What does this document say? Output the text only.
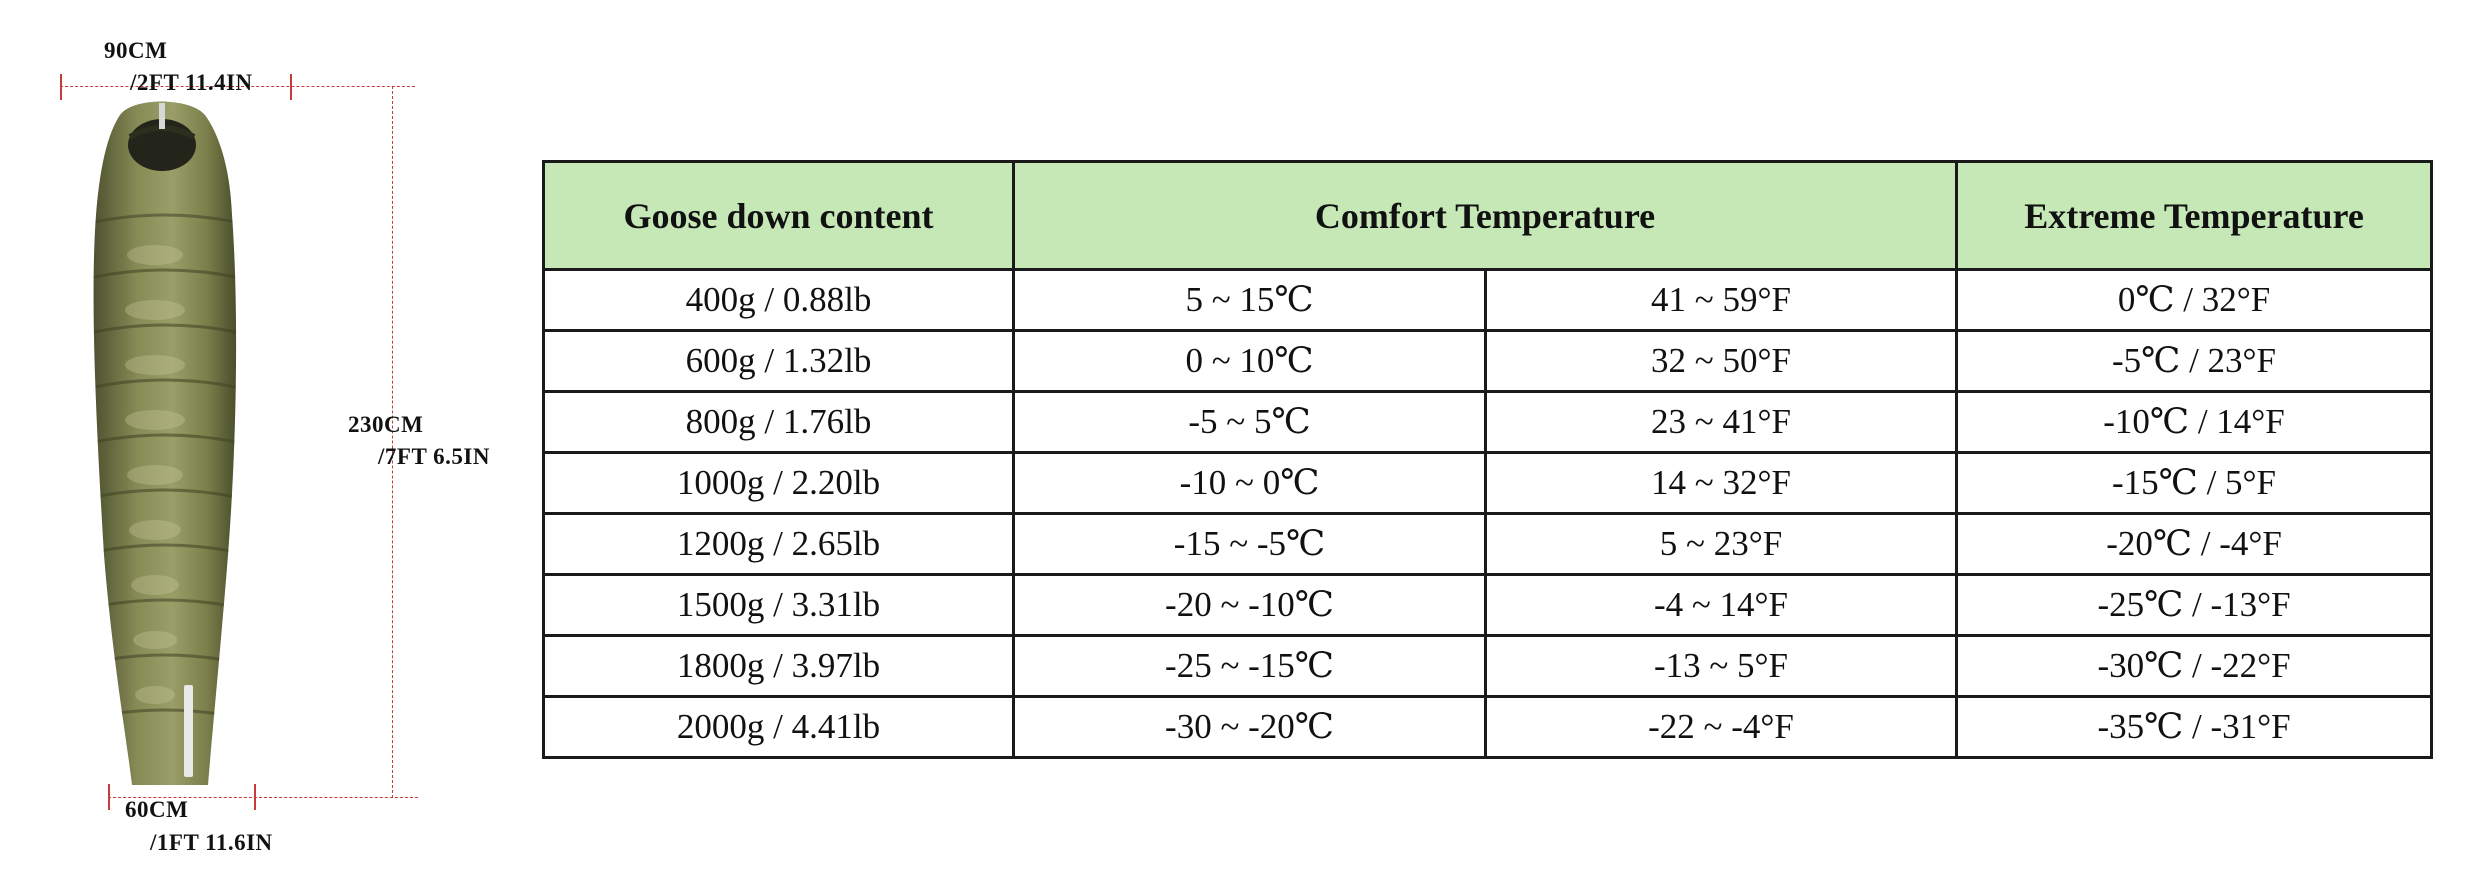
90CM
/2FT 11.4IN
230CM
/7FT 6.5IN
60CM
/1FT 11.6IN
Goose down content	Comfort Temperature		Extreme Temperature
400g / 0.88lb	5 ~ 15℃	41 ~ 59°F	0℃ / 32°F
600g / 1.32lb	0 ~ 10℃	32 ~ 50°F	-5℃ / 23°F
800g / 1.76lb	-5 ~ 5℃	23 ~ 41°F	-10℃ / 14°F
1000g / 2.20lb	-10 ~ 0℃	14 ~ 32°F	-15℃ / 5°F
1200g / 2.65lb	-15 ~ -5℃	5 ~ 23°F	-20℃ / -4°F
1500g / 3.31lb	-20 ~ -10℃	-4 ~ 14°F	-25℃ / -13°F
1800g / 3.97lb	-25 ~ -15℃	-13 ~ 5°F	-30℃ / -22°F
2000g / 4.41lb	-30 ~ -20℃	-22 ~ -4°F	-35℃ / -31°F
